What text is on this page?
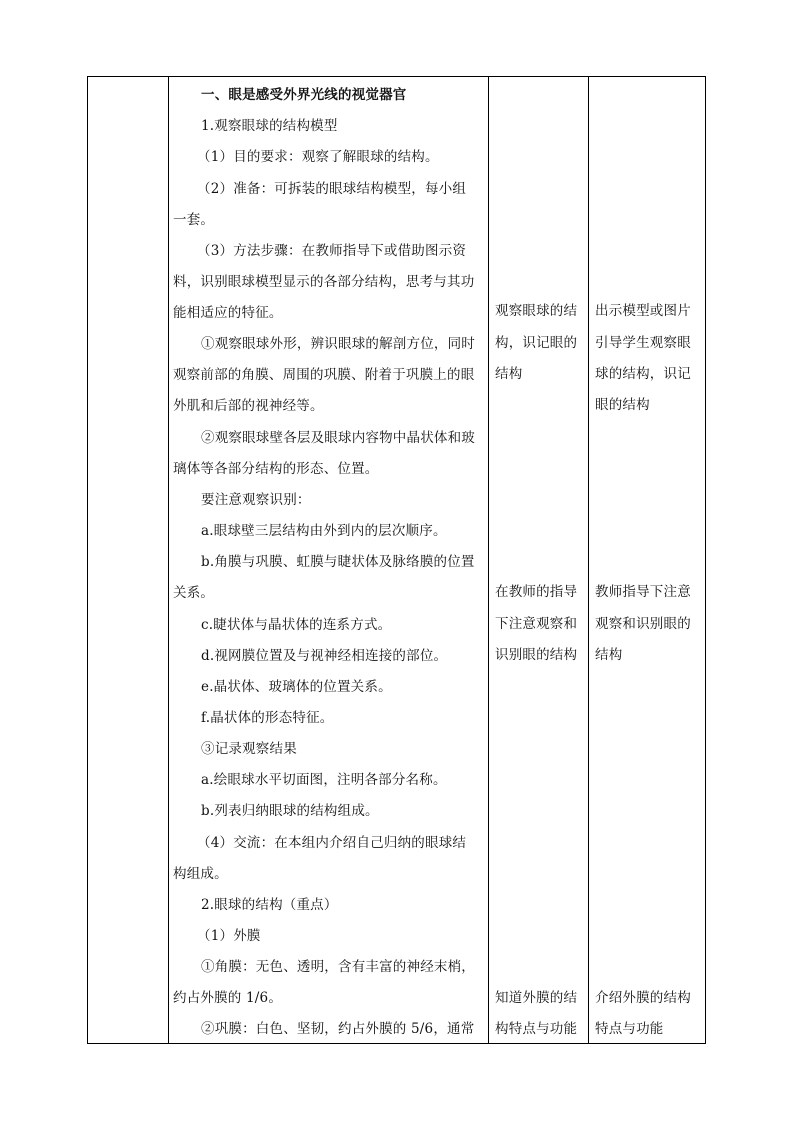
一、眼是感受外界光线的视觉器官
1.观察眼球的结构模型
（1）目的要求：观察了解眼球的结构。
（2）准备：可拆装的眼球结构模型，每小组
一套。
（3）方法步骤：在教师指导下或借助图示资
料，识别眼球模型显示的各部分结构，思考与其功
能相适应的特征。
①观察眼球外形，辨识眼球的解剖方位，同时
观察前部的角膜、周围的巩膜、附着于巩膜上的眼
外肌和后部的视神经等。
②观察眼球壁各层及眼球内容物中晶状体和玻
璃体等各部分结构的形态、位置。
要注意观察识别：
a.眼球壁三层结构由外到内的层次顺序。
b.角膜与巩膜、虹膜与睫状体及脉络膜的位置
关系。
c.睫状体与晶状体的连系方式。
d.视网膜位置及与视神经相连接的部位。
e.晶状体、玻璃体的位置关系。
f.晶状体的形态特征。
③记录观察结果
a.绘眼球水平切面图，注明各部分名称。
b.列表归纳眼球的结构组成。
（4）交流：在本组内介绍自己归纳的眼球结
构组成。
2.眼球的结构（重点）
（1）外膜
①角膜：无色、透明，含有丰富的神经末梢，
约占外膜的 1/6。
②巩膜：白色、坚韧，约占外膜的 5/6，通常
观察眼球的结
构，识记眼的
结构
在教师的指导
下注意观察和
识别眼的结构
知道外膜的结
构特点与功能
出示模型或图片
引导学生观察眼
球的结构，识记
眼的结构
教师指导下注意
观察和识别眼的
结构
介绍外膜的结构
特点与功能
